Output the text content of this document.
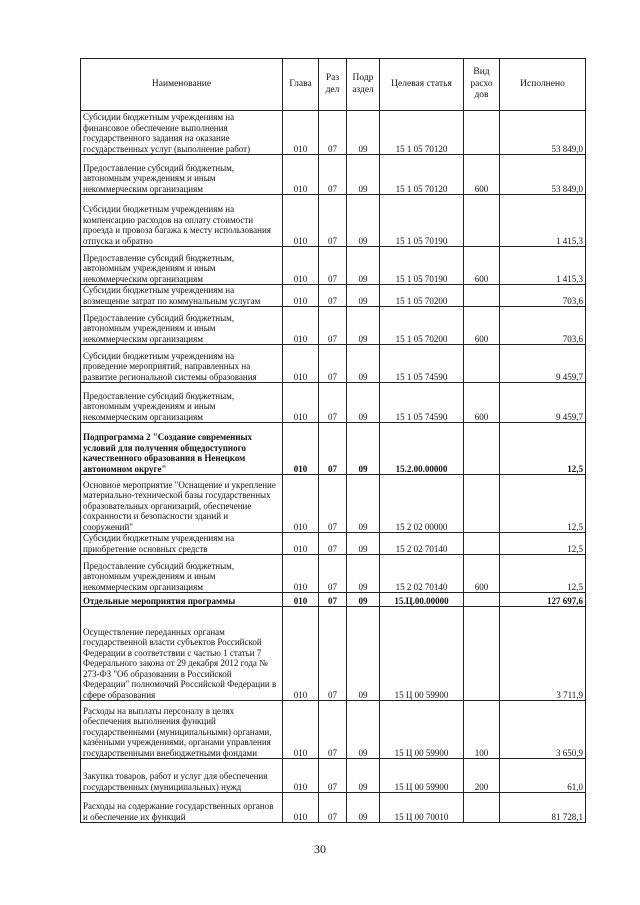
Наименование	Глава	Раз дел	Подр аздел	Целевая статья	Вид расхо дов	Исполнено
Субсидии бюджетным учреждениям на финансовое обеспечение выполнения государственного задания на оказание государственных услуг (выполнение работ)	010	07	09	15 1 05 70120		53 849,0
Предоставление субсидий бюджетным, автономным учреждениям и иным некоммерческим организациям	010	07	09	15 1 05 70120	600	53 849,0
Субсидии бюджетным учреждениям на компенсацию расходов на оплату стоимости проезда и провоза багажа к месту использования отпуска и обратно	010	07	09	15 1 05 70190		1 415,3
Предоставление субсидий бюджетным, автономным учреждениям и иным некоммерческим организациям	010	07	09	15 1 05 70190	600	1 415,3
Субсидии бюджетным учреждениям на возмещение затрат по коммунальным услугам	010	07	09	15 1 05 70200		703,6
Предоставление субсидий бюджетным, автономным учреждениям и иным некоммерческим организациям	010	07	09	15 1 05 70200	600	703,6
Субсидии бюджетным учреждениям на проведение мероприятий, направленных на развитие региональной системы образования	010	07	09	15 1 05 74590		9 459,7
Предоставление субсидий бюджетным, автономным учреждениям и иным некоммерческим организациям	010	07	09	15 1 05 74590	600	9 459,7
Подпрограмма 2 "Создание современных условий для получения общедоступного качественного образования в Ненецком автономном округе"	010	07	09	15.2.00.00000		12,5
Основное мероприятие "Оснащение и укрепление материально-технической базы государственных образовательных организаций, обеспечение сохранности и безопасности зданий и сооружений"	010	07	09	15 2 02 00000		12,5
Субсидии бюджетным учреждениям на приобретение основных средств	010	07	09	15 2 02 70140		12,5
Предоставление субсидий бюджетным, автономным учреждениям и иным некоммерческим организациям	010	07	09	15 2 02 70140	600	12,5
Отдельные мероприятия программы	010	07	09	15.Ц.00.00000		127 697,6
Осуществление переданных органам государственной власти субъектов Российской Федерации в соответствии с частью 1 статьи 7 Федерального закона от 29 декабря 2012 года № 273-ФЗ "Об образовании в Российской Федерации" полномочий Российской Федерации в сфере образования	010	07	09	15 Ц 00 59900		3 711,9
Расходы на выплаты персоналу в целях обеспечения выполнения функций государственными (муниципальными) органами, казёнными учреждениями, органами управления государственными внебюджетными фондами	010	07	09	15 Ц 00 59900	100	3 650,9
Закупка товаров, работ и услуг для обеспечения государственных (муниципальных) нужд	010	07	09	15 Ц 00 59900	200	61,0
Расходы на содержание государственных органов и обеспечение их функций	010	07	09	15 Ц 00 70010		81 728,1
30
